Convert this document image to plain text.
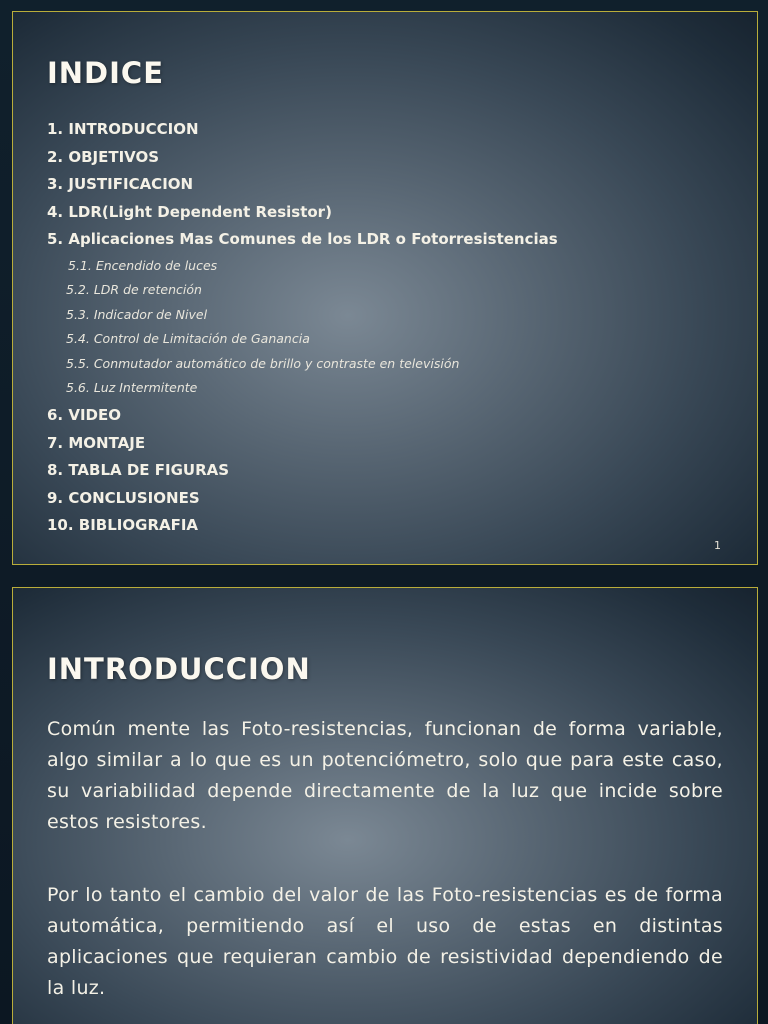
INDICE
1. INTRODUCCION
2. OBJETIVOS
3. JUSTIFICACION
4. LDR(Light Dependent Resistor)
5. Aplicaciones Mas Comunes de los LDR o Fotorresistencias
5.1. Encendido de luces
5.2. LDR de retención
5.3. Indicador de Nivel
5.4. Control de Limitación de Ganancia
5.5. Conmutador automático de brillo y contraste en televisión
5.6. Luz Intermitente
6. VIDEO
7. MONTAJE
8. TABLA DE FIGURAS
9. CONCLUSIONES
10. BIBLIOGRAFIA
1
INTRODUCCION

Común mente las Foto-resistencias, funcionan de forma variable, algo similar a lo que es un potenciómetro, solo que para este caso, su variabilidad depende directamente de la luz que incide sobre estos resistores.

Por lo tanto el cambio del valor de las Foto-resistencias es de forma automática, permitiendo así el uso de estas en distintas aplicaciones que requieran cambio de resistividad dependiendo de la luz.
